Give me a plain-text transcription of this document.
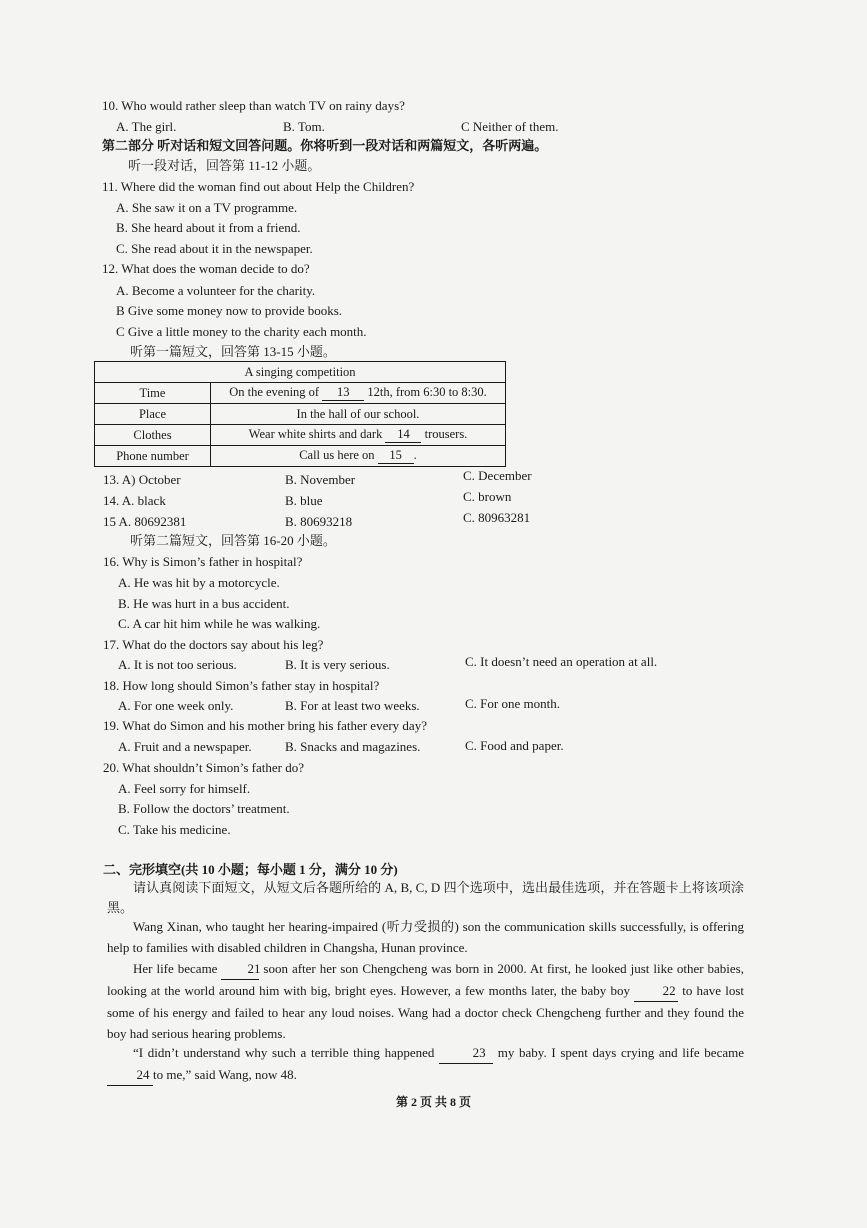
10. Who would rather sleep than watch TV on rainy days?
A. The girl.	B. Tom.	C Neither of them.
第二部分 听对话和短文回答问题。你将听到一段对话和两篇短文，各听两遍。
听一段对话，回答第 11-12 小题。
11. Where did the woman find out about Help the Children?
A. She saw it on a TV programme.
B. She heard about it from a friend.
C. She read about it in the newspaper.
12. What does the woman decide to do?
A. Become a volunteer for the charity.
B Give some money now to provide books.
C Give a little money to the charity each month.
听第一篇短文，回答第 13-15 小题。
A singing competition	
Time	On the evening of 13 12th, from 6:30 to 8:30.
Place	In the hall of our school.
Clothes	Wear white shirts and dark 14 trousers.
Phone number	Call us here on 15 .
13. A) October	B. November	C. December
14. A. black	B. blue	C. brown
15 A. 80692381	B. 80693218	C. 80963281
听第二篇短文，回答第 16-20 小题。
16. Why is Simon’s father in hospital?
A. He was hit by a motorcycle.
B. He was hurt in a bus accident.
C. A car hit him while he was walking.
17. What do the doctors say about his leg?
A. It is not too serious.	B. It is very serious.	C. It doesn’t need an operation at all.
18. How long should Simon’s father stay in hospital?
A. For one week only.	B. For at least two weeks.	C. For one month.
19. What do Simon and his mother bring his father every day?
A. Fruit and a newspaper.	B. Snacks and magazines.	C. Food and paper.
20. What shouldn’t Simon’s father do?
A. Feel sorry for himself.
B. Follow the doctors’ treatment.
C. Take his medicine.
二、完形填空(共 10 小题；每小题 1 分，满分 10 分)
请认真阅读下面短文，从短文后各题所给的 A, B, C, D 四个选项中，选出最佳选项，并在答题卡上将该项涂黑。
Wang Xinan, who taught her hearing-impaired (听力受损的) son the communication skills successfully, is offering help to families with disabled children in Changsha, Hunan province.
Her life became 21 soon after her son Chengcheng was born in 2000. At first, he looked just like other babies, looking at the world around him with big, bright eyes. However, a few months later, the baby boy 22 to have lost some of his energy and failed to hear any loud noises. Wang had a doctor check Chengcheng further and they found the boy had serious hearing problems.
“I didn’t understand why such a terrible thing happened	23 my baby. I spent days crying and life became 24 to me,” said Wang, now 48.
第 2 页 共 8 页
